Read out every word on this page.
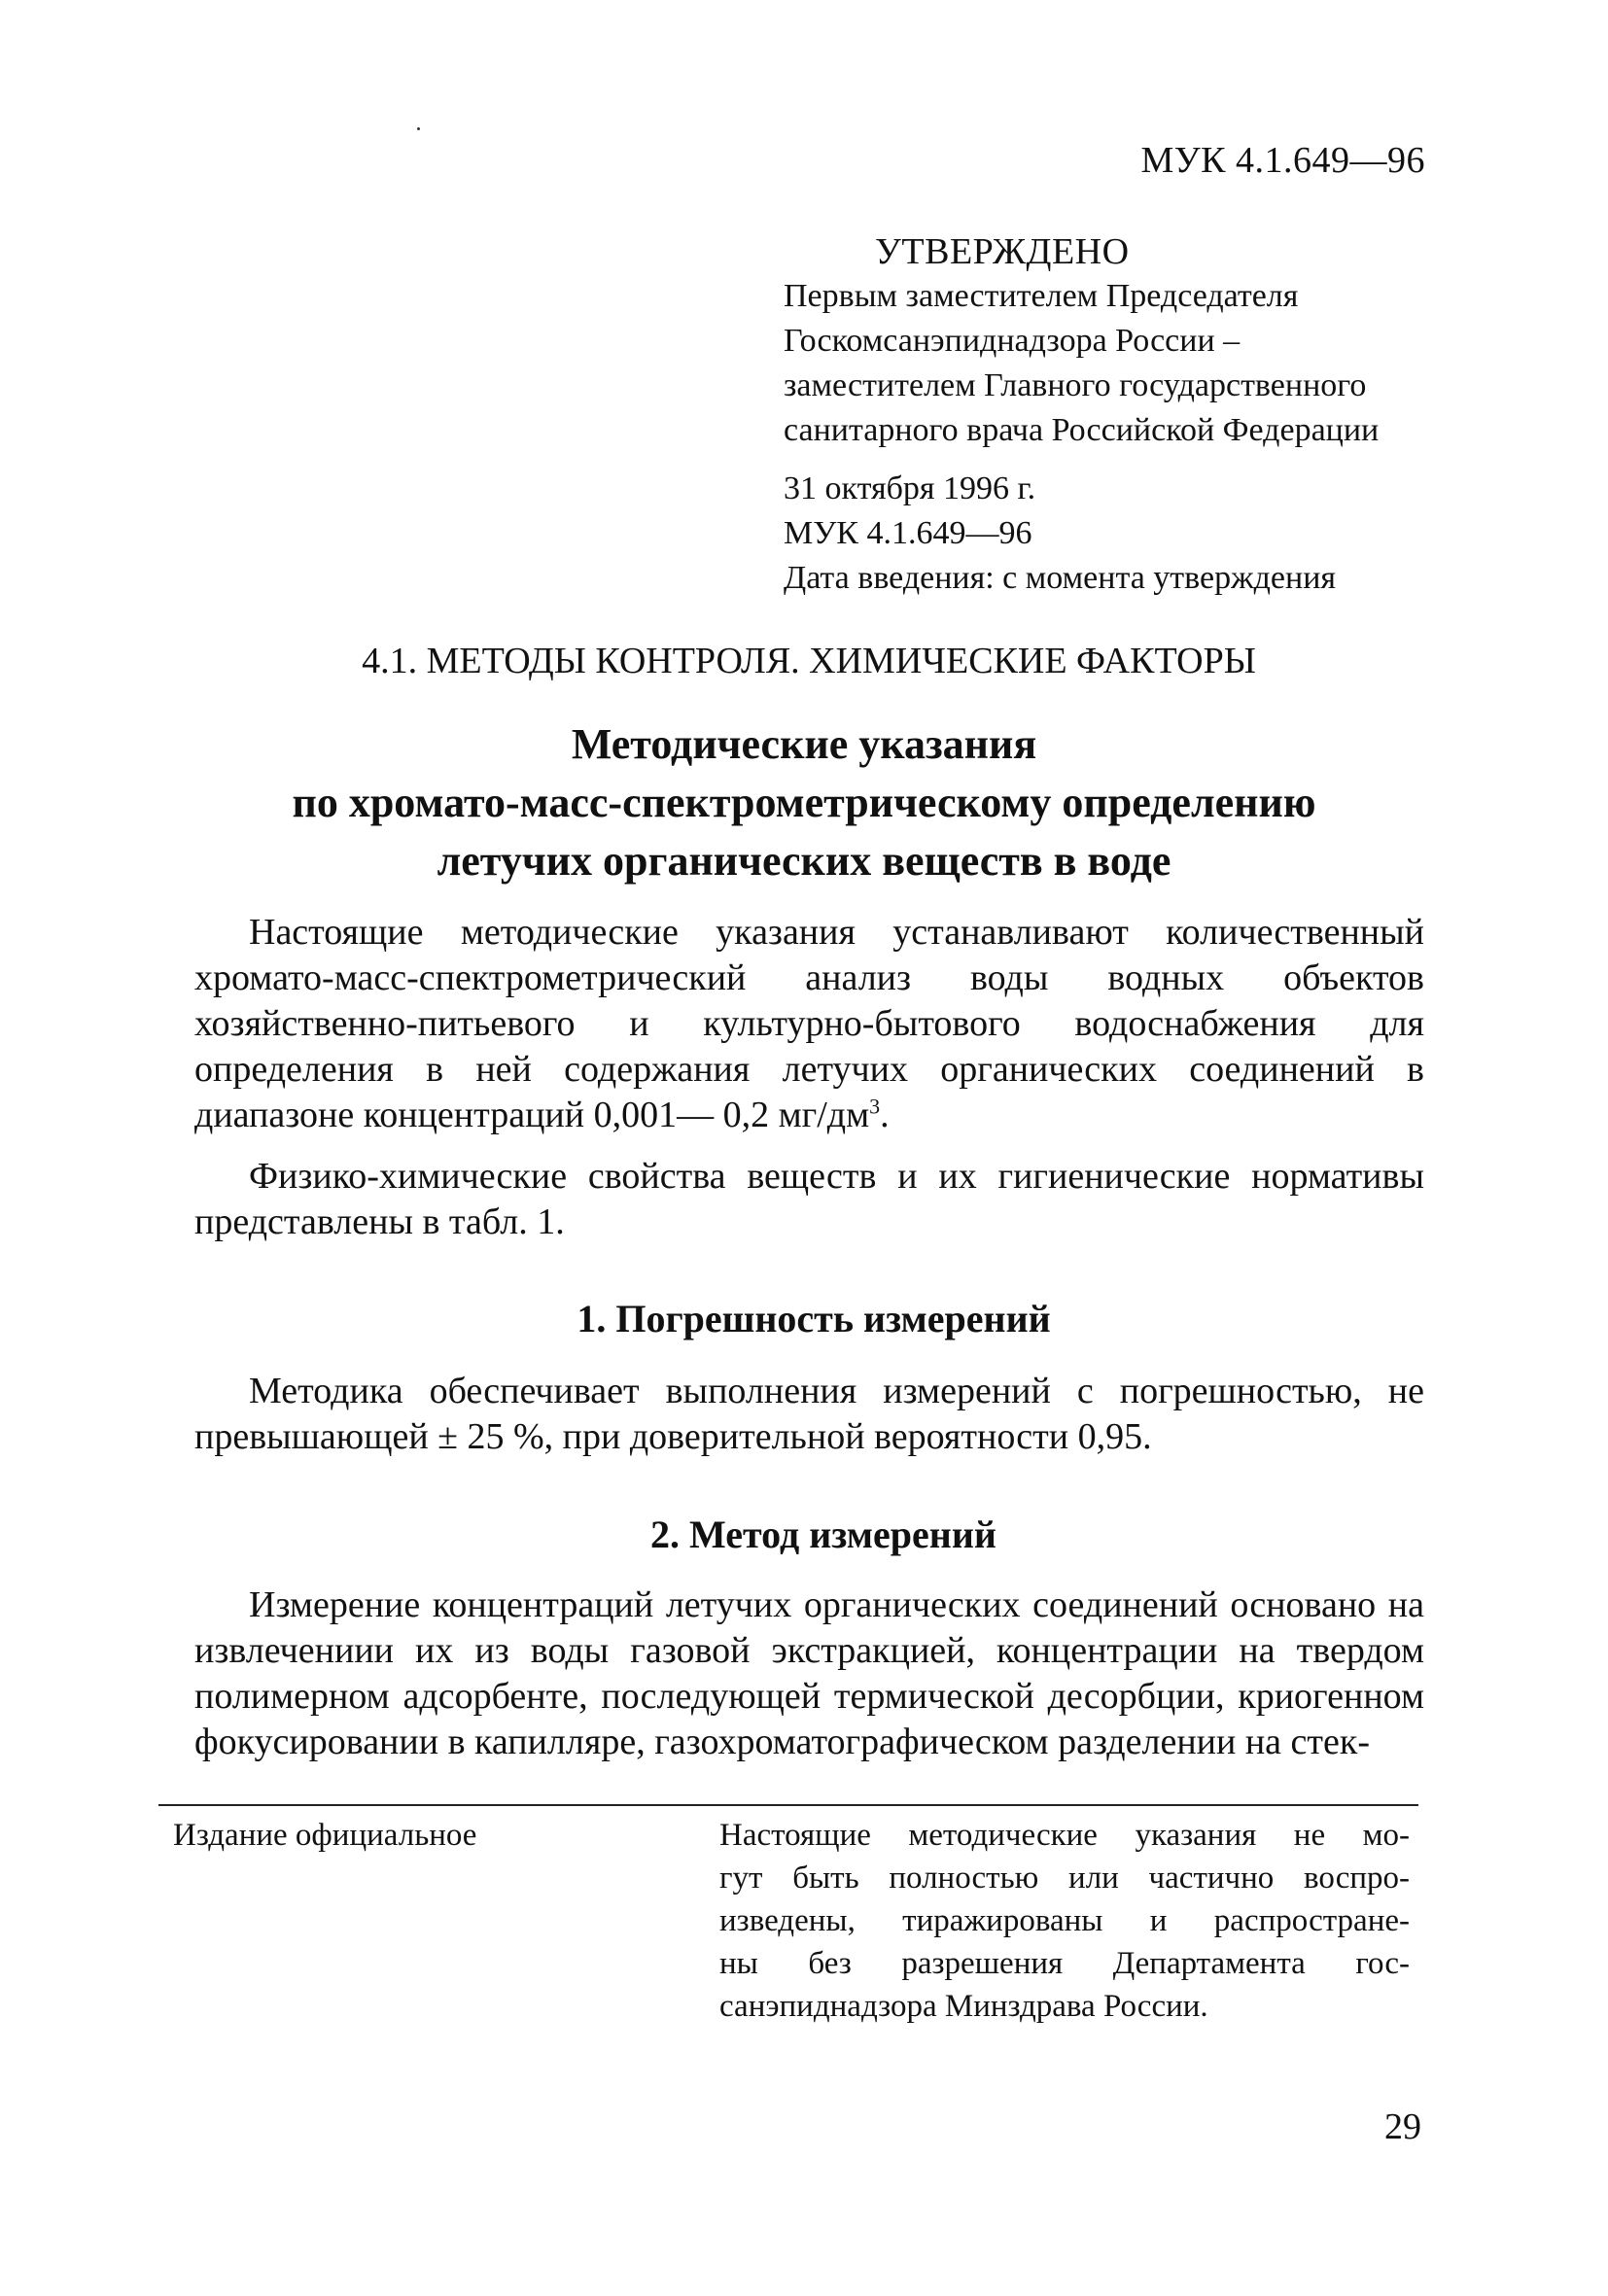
МУК 4.1.649—96
УТВЕРЖДЕНО
Первым заместителем Председателя
Госкомсанэпиднадзора России –
заместителем Главного государственного
санитарного врача Российской Федерации
31 октября 1996 г.
МУК 4.1.649—96
Дата введения: с момента утверждения
4.1. МЕТОДЫ КОНТРОЛЯ. ХИМИЧЕСКИЕ ФАКТОРЫ
Методические указания
по хромато-масс-спектрометрическому определению
летучих органических веществ в воде

Настоящие методические указания устанавливают количественный хромато-масс-спектрометрический анализ воды водных объектов хозяйственно-питьевого и культурно-бытового водоснабжения для определения в ней содержания летучих органических соединений в диапазоне концентраций 0,001— 0,2 $мг/дм^3$.

Физико-химические свойства веществ и их гигиенические нормативы представлены в табл. 1.

1. Погрешность измерений

Методика обеспечивает выполнения измерений с погрешностью, не превышающей ± 25 %, при доверительной вероятности 0,95.

2. Метод измерений

Измерение концентраций летучих органических соединений основано на извлечениии их из воды газовой экстракцией, концентрации на твердом полимерном адсорбенте, последующей термической десорбции, криогенном фокусировании в капилляре, газохроматографическом разделении на стек-

Издание официальное	Настоящие методические указания не мо-
гут быть полностью или частично воспро-
изведены, тиражированы и распростране-
ны без разрешения Департамента гос-
санэпиднадзора Минздрава России.
29
